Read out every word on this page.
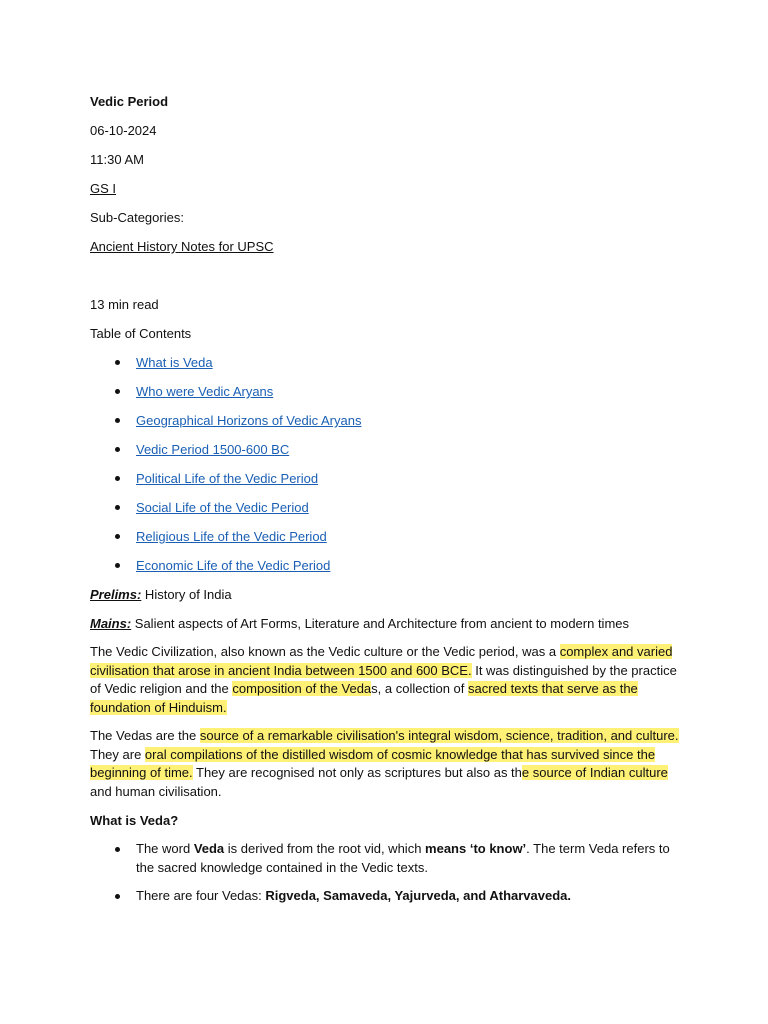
Vedic Period

06-10-2024

11:30 AM

GS I

Sub-Categories:

Ancient History Notes for UPSC

13 min read

Table of Contents

What is Veda
Who were Vedic Aryans
Geographical Horizons of Vedic Aryans
Vedic Period 1500-600 BC
Political Life of the Vedic Period
Social Life of the Vedic Period
Religious Life of the Vedic Period
Economic Life of the Vedic Period

Prelims: History of India

Mains: Salient aspects of Art Forms, Literature and Architecture from ancient to modern times

The Vedic Civilization, also known as the Vedic culture or the Vedic period, was a complex and varied civilisation that arose in ancient India between 1500 and 600 BCE. It was distinguished by the practice of Vedic religion and the composition of the Vedas, a collection of sacred texts that serve as the foundation of Hinduism.

The Vedas are the source of a remarkable civilisation's integral wisdom, science, tradition, and culture. They are oral compilations of the distilled wisdom of cosmic knowledge that has survived since the beginning of time. They are recognised not only as scriptures but also as the source of Indian culture and human civilisation.

What is Veda?

The word Veda is derived from the root vid, which means ‘to know’. The term Veda refers to the sacred knowledge contained in the Vedic texts.
There are four Vedas: Rigveda, Samaveda, Yajurveda, and Atharvaveda.
